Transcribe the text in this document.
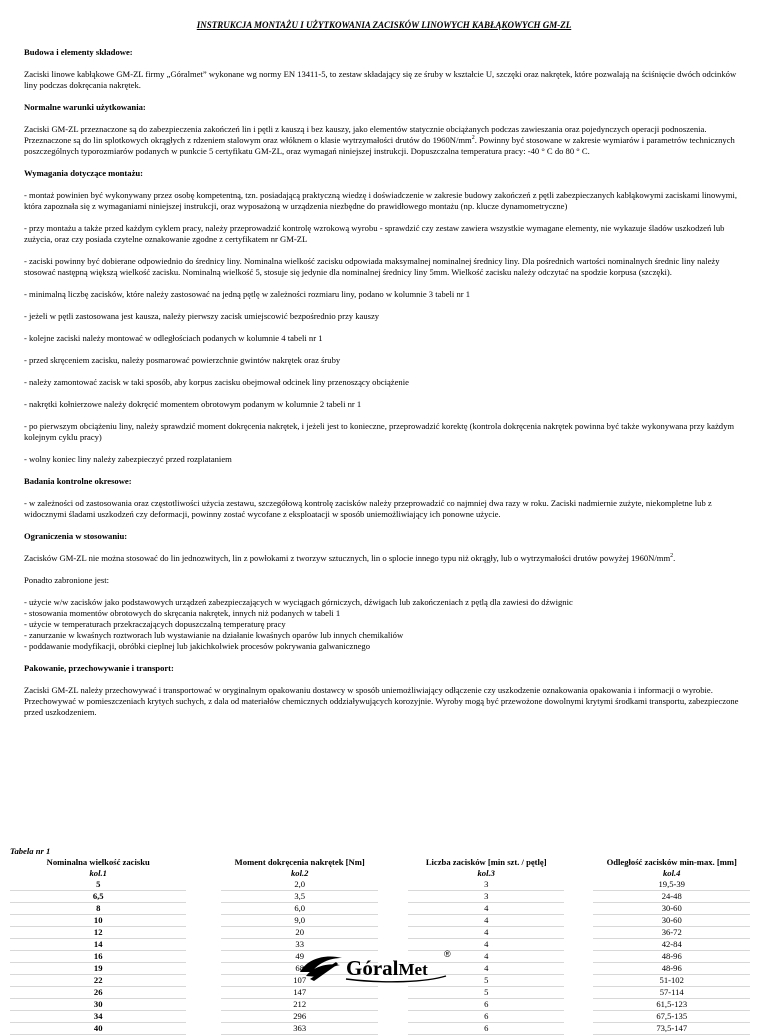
INSTRUKCJA MONTAŻU I UŻYTKOWANIA ZACISKÓW LINOWYCH KABŁĄKOWYCH GM-ZL

Budowa i elementy składowe:

Zaciski linowe kabłąkowe GM-ZL firmy „Góralmet” wykonane wg normy EN 13411-5, to zestaw składający się ze śruby w kształcie U, szczęki oraz nakrętek, które pozwalają na ściśnięcie dwóch odcinków liny podczas dokręcania nakrętek.

Normalne warunki użytkowania:

Zaciski GM-ZL przeznaczone są do zabezpieczenia zakończeń lin i pętli z kauszą i bez kauszy, jako elementów statycznie obciążanych podczas zawieszania oraz pojedynczych operacji podnoszenia. Przeznaczone są do lin splotkowych okrągłych z rdzeniem stalowym oraz włóknem o klasie wytrzymałości drutów do $1960N/mm^2$. Powinny być stosowane w zakresie wymiarów i parametrów technicznych poszczególnych typorozmiarów podanych w punkcie 5 certyfikatu GM-ZL, oraz wymagań niniejszej instrukcji. Dopuszczalna temperatura pracy: -40 ° C do 80 ° C.

Wymagania dotyczące montażu:

- montaż powinien być wykonywany przez osobę kompetentną, tzn. posiadającą praktyczną wiedzę i doświadczenie w zakresie budowy zakończeń z pętli zabezpieczanych kabłąkowymi zaciskami linowymi, która zapoznała się z wymaganiami niniejszej instrukcji, oraz wyposażoną w urządzenia niezbędne do prawidłowego montażu (np. klucze dynamometryczne)

- przy montażu a także przed każdym cyklem pracy, należy przeprowadzić kontrolę wzrokową wyrobu - sprawdzić czy zestaw zawiera wszystkie wymagane elementy, nie wykazuje śladów uszkodzeń lub zużycia, oraz czy posiada czytelne oznakowanie zgodne z certyfikatem nr GM-ZL

- zaciski powinny być dobierane odpowiednio do średnicy liny. Nominalna wielkość zacisku odpowiada maksymalnej nominalnej średnicy liny. Dla pośrednich wartości nominalnych średnic liny należy stosować następną większą wielkość zacisku. Nominalną wielkość 5, stosuje się jedynie dla nominalnej średnicy liny 5mm. Wielkość zacisku należy odczytać na spodzie korpusa (szczęki).

- minimalną liczbę zacisków, które należy zastosować na jedną pętlę w zależności rozmiaru liny, podano w kolumnie 3 tabeli nr 1

- jeżeli w pętli zastosowana jest kausza, należy pierwszy zacisk umiejscowić bezpośrednio przy kauszy

- kolejne zaciski należy montować w odległościach podanych w kolumnie 4 tabeli nr 1

- przed skręceniem zacisku, należy posmarować powierzchnie gwintów nakrętek oraz śruby

- należy zamontować zacisk w taki sposób, aby korpus zacisku obejmował odcinek liny przenoszący obciążenie

- nakrętki kołnierzowe należy dokręcić momentem obrotowym podanym w kolumnie 2 tabeli nr 1

- po pierwszym obciążeniu liny, należy sprawdzić moment dokręcenia nakrętek, i jeżeli jest to konieczne, przeprowadzić korektę (kontrola dokręcenia nakrętek powinna być także wykonywana przy każdym kolejnym cyklu pracy)

- wolny koniec liny należy zabezpieczyć przed rozplataniem

Badania kontrolne okresowe:

- w zależności od zastosowania oraz częstotliwości użycia zestawu, szczegółową kontrolę zacisków należy przeprowadzić co najmniej dwa razy w roku. Zaciski nadmiernie zużyte, niekompletne lub z widocznymi śladami uszkodzeń czy deformacji, powinny zostać wycofane z eksploatacji w sposób uniemożliwiający ich ponowne użycie.

Ograniczenia w stosowaniu:

Zacisków GM-ZL nie można stosować do lin jednozwitych, lin z powłokami z tworzyw sztucznych, lin o splocie innego typu niż okrągły, lub o wytrzymałości drutów powyżej $1960N/mm^2$.

Ponadto zabronione jest:

- użycie w/w zacisków jako podstawowych urządzeń zabezpieczających w wyciągach górniczych, dźwigach lub zakończeniach z pętlą dla zawiesi do dźwignic

- stosowania momentów obrotowych do skręcania nakrętek, innych niż podanych w tabeli 1

- użycie w temperaturach przekraczających dopuszczalną temperaturę pracy

- zanurzanie w kwaśnych roztworach lub wystawianie na działanie kwaśnych oparów lub innych chemikaliów

- poddawanie modyfikacji, obróbki cieplnej lub jakichkolwiek procesów pokrywania galwanicznego

Pakowanie, przechowywanie i transport:

Zaciski GM-ZL należy przechowywać i transportować w oryginalnym opakowaniu dostawcy w sposób uniemożliwiający odłączenie czy uszkodzenie oznakowania opakowania i informacji o wyrobie. Przechowywać w pomieszczeniach krytych suchych, z dala od materiałów chemicznych oddziaływujących korozyjnie. Wyroby mogą być przewożone dowolnymi krytymi środkami transportu, zabezpieczone przed uszkodzeniem.

Tabela nr 1

Nominalna wielkość zacisku
kol.1
5
6,5
8
10
12
14
16
19
22
26
30
34
40
Moment dokręcenia nakrętek [Nm]
kol.2
2,0
3,5
6,0
9,0
20
33
49
68
107
147
212
296
363
Liczba zacisków [min szt. / pętlę]
kol.3
3
3
4
4
4
4
4
4
5
5
6
6
6
Odległość zacisków min-max. [mm]
kol.4
19,5-39
24-48
30-60
30-60
36-72
42-84
48-96
48-96
51-102
57-114
61,5-123
67,5-135
73,5-147
GóralMet
®
